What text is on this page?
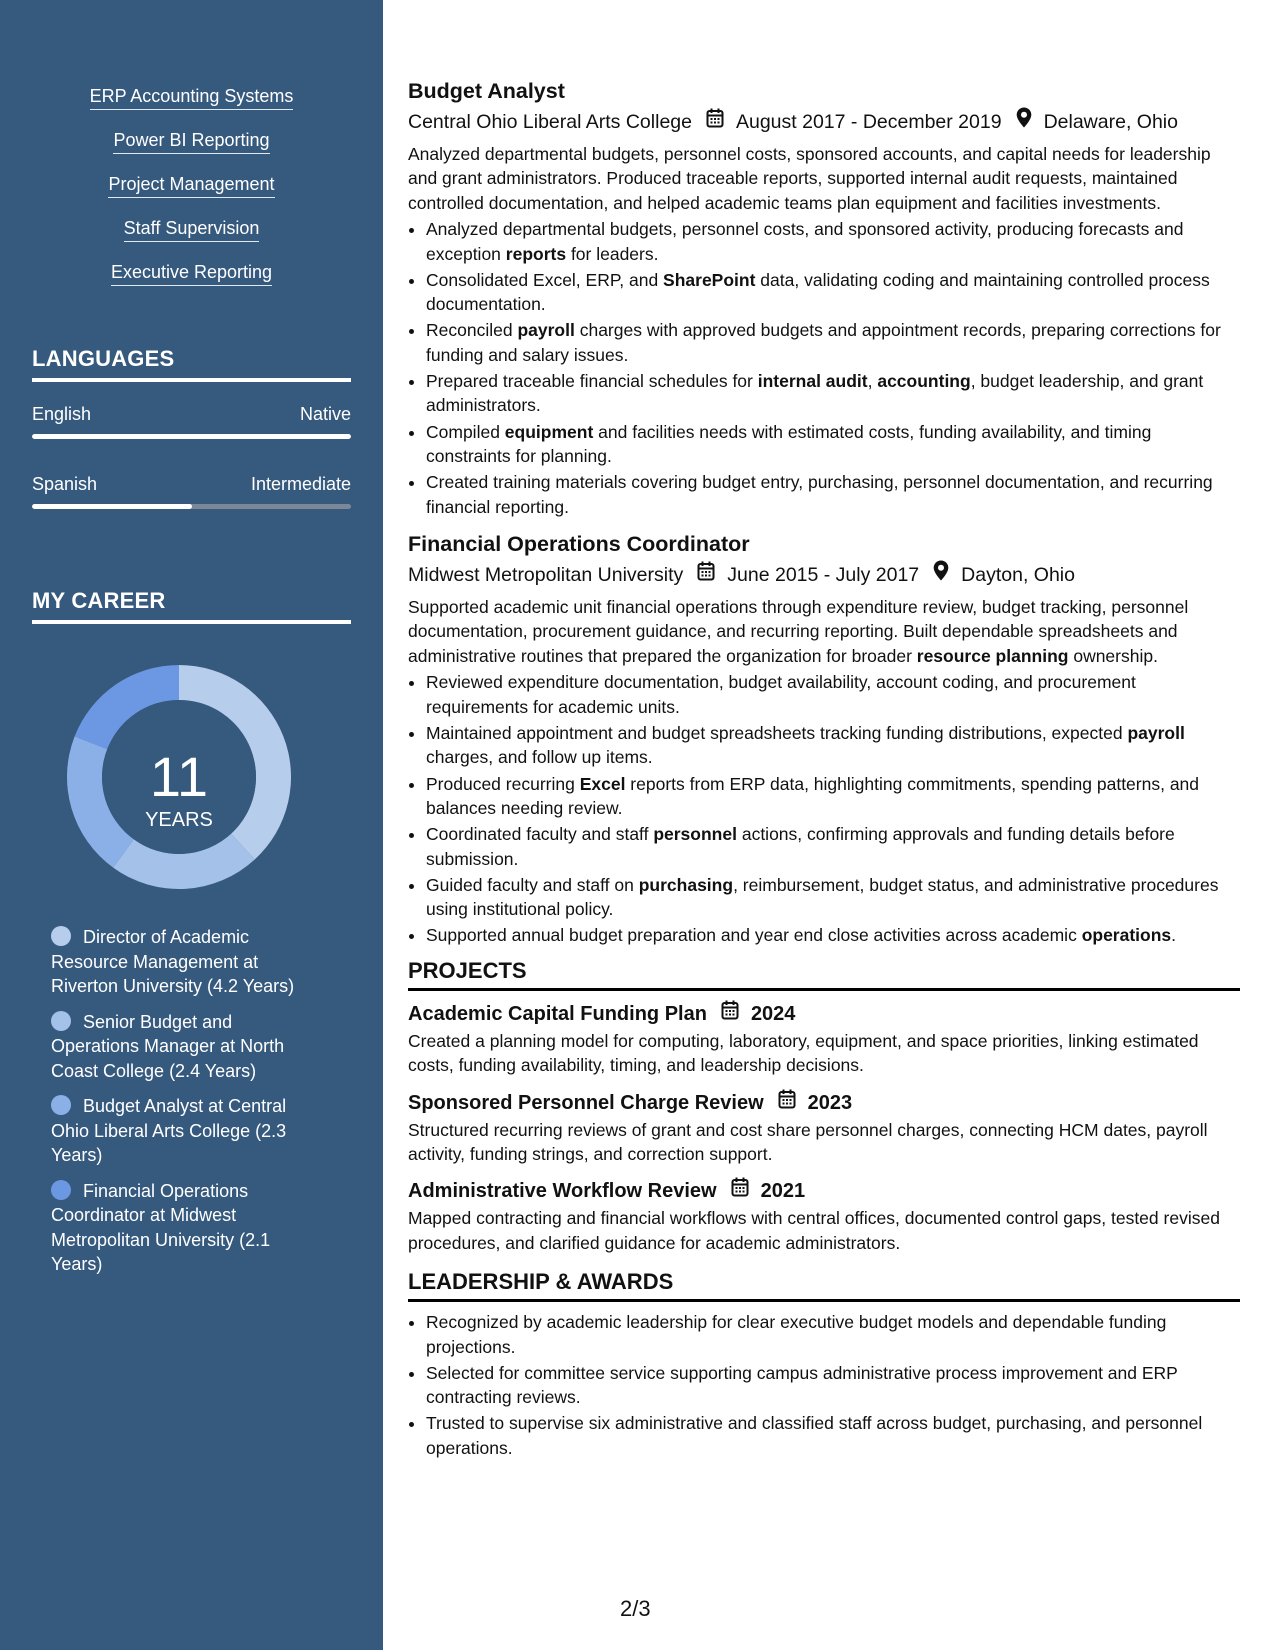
ERP Accounting Systems
Power BI Reporting
Project Management
Staff Supervision
Executive Reporting
LANGUAGES
English	Native
Spanish	Intermediate
MY CAREER
11
YEARS
Director of Academic Resource Management at Riverton University (4.2 Years)
Senior Budget and Operations Manager at North Coast College (2.4 Years)
Budget Analyst at Central Ohio Liberal Arts College (2.3 Years)
Financial Operations Coordinator at Midwest Metropolitan University (2.1 Years)
Budget Analyst
Central Ohio Liberal Arts College August 2017 - December 2019 Delaware, Ohio
Analyzed departmental budgets, personnel costs, sponsored accounts, and capital needs for leadership and grant administrators. Produced traceable reports, supported internal audit requests, maintained controlled documentation, and helped academic teams plan equipment and facilities investments.
• Analyzed departmental budgets, personnel costs, and sponsored activity, producing forecasts and exception reports for leaders.
• Consolidated Excel, ERP, and SharePoint data, validating coding and maintaining controlled process documentation.
• Reconciled payroll charges with approved budgets and appointment records, preparing corrections for funding and salary issues.
• Prepared traceable financial schedules for internal audit, accounting, budget leadership, and grant administrators.
• Compiled equipment and facilities needs with estimated costs, funding availability, and timing constraints for planning.
• Created training materials covering budget entry, purchasing, personnel documentation, and recurring financial reporting.
Financial Operations Coordinator
Midwest Metropolitan University June 2015 - July 2017 Dayton, Ohio
Supported academic unit financial operations through expenditure review, budget tracking, personnel documentation, procurement guidance, and recurring reporting. Built dependable spreadsheets and administrative routines that prepared the organization for broader resource planning ownership.
• Reviewed expenditure documentation, budget availability, account coding, and procurement requirements for academic units.
• Maintained appointment and budget spreadsheets tracking funding distributions, expected payroll charges, and follow up items.
• Produced recurring Excel reports from ERP data, highlighting commitments, spending patterns, and balances needing review.
• Coordinated faculty and staff personnel actions, confirming approvals and funding details before submission.
• Guided faculty and staff on purchasing, reimbursement, budget status, and administrative procedures using institutional policy.
• Supported annual budget preparation and year end close activities across academic operations.
PROJECTS
Academic Capital Funding Plan 2024
Created a planning model for computing, laboratory, equipment, and space priorities, linking estimated costs, funding availability, timing, and leadership decisions.
Sponsored Personnel Charge Review 2023
Structured recurring reviews of grant and cost share personnel charges, connecting HCM dates, payroll activity, funding strings, and correction support.
Administrative Workflow Review 2021
Mapped contracting and financial workflows with central offices, documented control gaps, tested revised procedures, and clarified guidance for academic administrators.
LEADERSHIP & AWARDS
• Recognized by academic leadership for clear executive budget models and dependable funding projections.
• Selected for committee service supporting campus administrative process improvement and ERP contracting reviews.
• Trusted to supervise six administrative and classified staff across budget, purchasing, and personnel operations.
2/3
